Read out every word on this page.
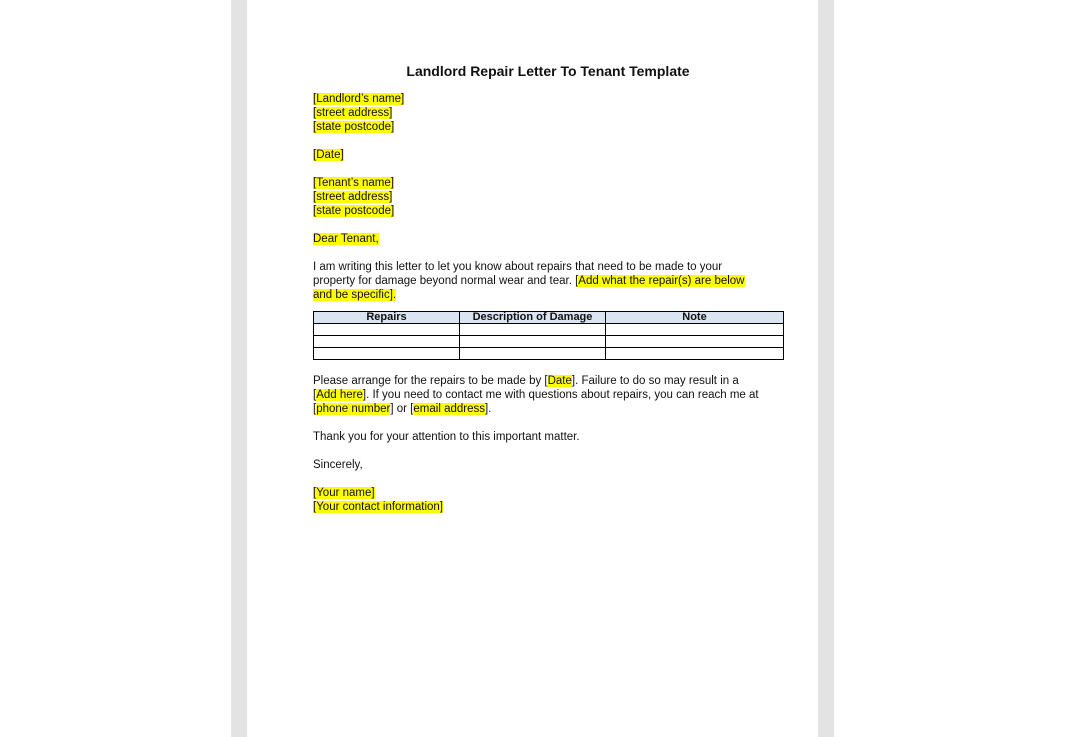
Landlord Repair Letter To Tenant Template

[Landlord’s name]
[street address]
[state postcode]
[Date]
[Tenant’s name]
[street address]
[state postcode]
Dear Tenant,
I am writing this letter to let you know about repairs that need to be made to your
property for damage beyond normal wear and tear. [Add what the repair(s) are below
and be specific].
Repairs	Description of Damage	Note

Please arrange for the repairs to be made by [Date]. Failure to do so may result in a
[Add here]. If you need to contact me with questions about repairs, you can reach me at
[phone number] or [email address].

Thank you for your attention to this important matter.

Sincerely,

[Your name]
[Your contact information]
